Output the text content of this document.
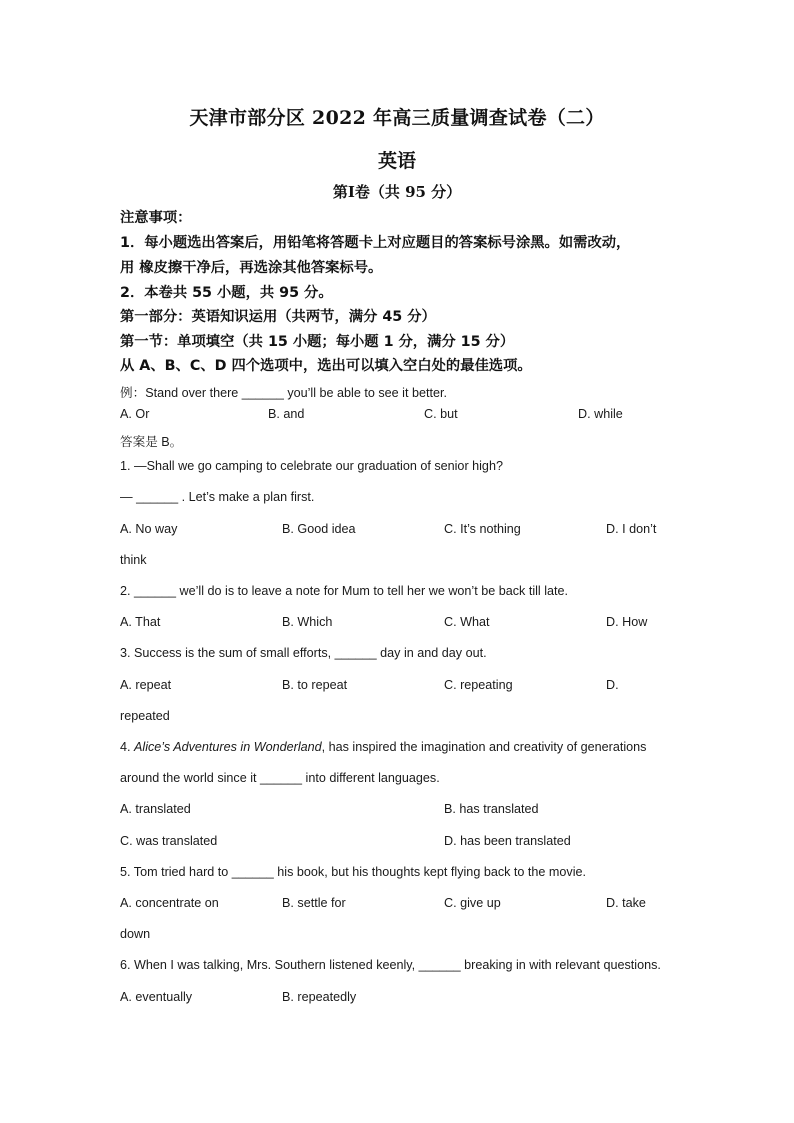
天津市部分区 2022 年高三质量调查试卷（二）
英语
第Ⅰ卷（共 95 分）
注意事项：
1．每小题选出答案后，用铅笔将答题卡上对应题目的答案标号涂黑。如需改动，
用 橡皮擦干净后，再选涂其他答案标号。
2．本卷共 55 小题，共 95 分。
第一部分：英语知识运用（共两节，满分 45 分）
第一节：单项填空（共 15 小题；每小题 1 分，满分 15 分）
从 A、B、C、D 四个选项中，选出可以填入空白处的最佳选项。
例：Stand over there ______ you’ll be able to see it better.
A. Or	B. and	C. but	D. while
答案是 B。
1. —Shall we go camping to celebrate our graduation of senior high?
— ______ . Let’s make a plan first.
A. No way	B. Good idea	C. It’s nothing	D. I don’t
think
2. ______ we’ll do is to leave a note for Mum to tell her we won’t be back till late.
A. That	B. Which	C. What	D. How
3. Success is the sum of small efforts, ______ day in and day out.
A. repeat	B. to repeat	C. repeating	D.
repeated
4. Alice’s Adventures in Wonderland, has inspired the imagination and creativity of generations
around the world since it ______ into different languages.
A. translated	B. has translated
C. was translated	D. has been translated
5. Tom tried hard to ______ his book, but his thoughts kept flying back to the movie.
A. concentrate on	B. settle for	C. give up	D. take
down
6. When I was talking, Mrs. Southern listened keenly, ______ breaking in with relevant questions.
A. eventually	B. repeatedly
